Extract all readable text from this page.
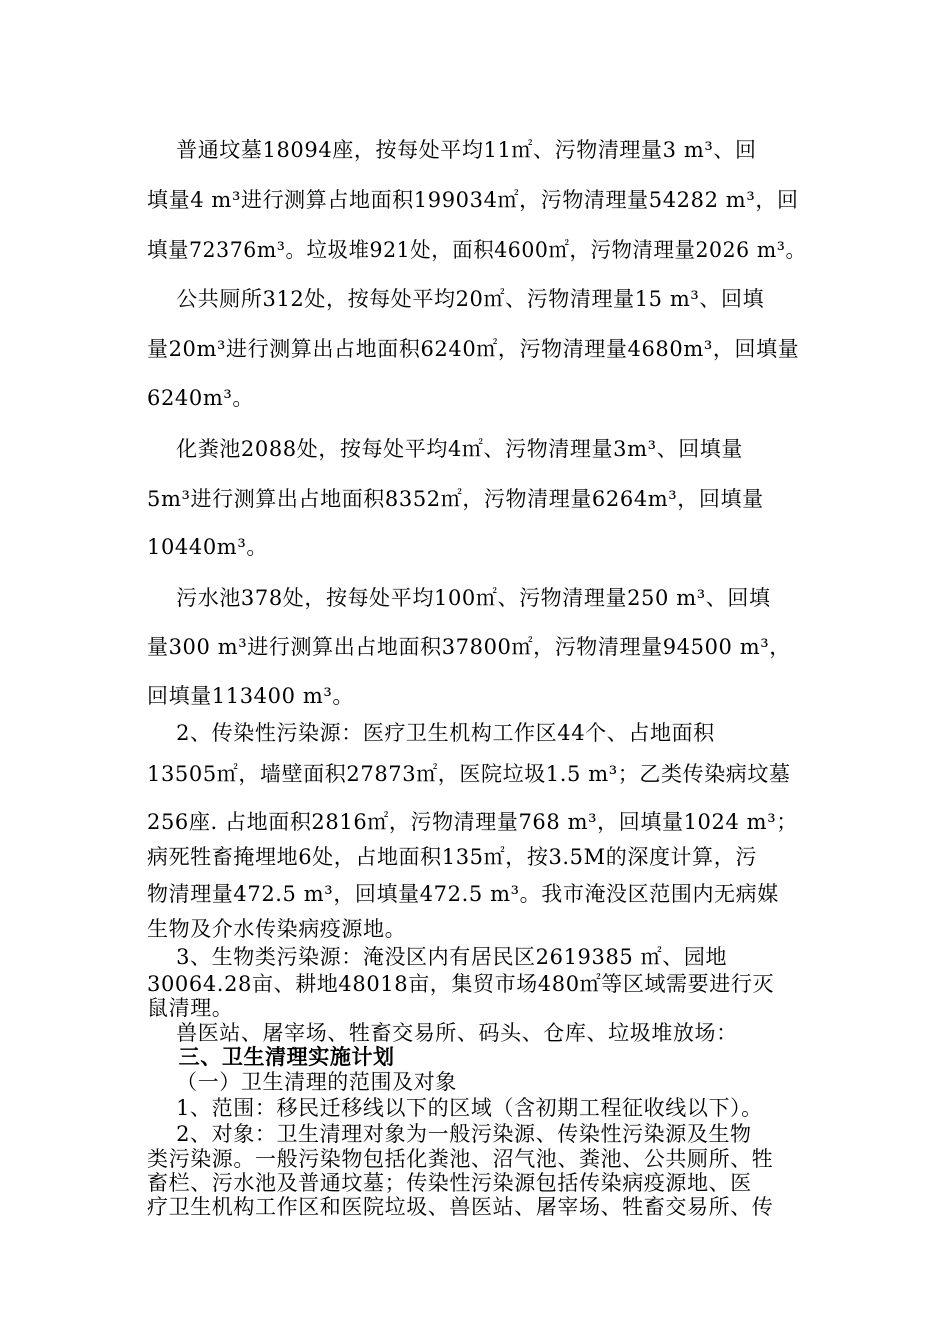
普通坟墓18094座，按每处平均11㎡、污物清理量3 m³、回
填量4 m³进行测算占地面积199034㎡，污物清理量54282 m³，回
填量72376m³。垃圾堆921处，面积4600㎡，污物清理量2026 m³。
公共厕所312处，按每处平均20㎡、污物清理量15 m³、回填
量20m³进行测算出占地面积6240㎡，污物清理量4680m³，回填量
6240m³。
化粪池2088处，按每处平均4㎡、污物清理量3m³、回填量
5m³进行测算出占地面积8352㎡，污物清理量6264m³，回填量
10440m³。
污水池378处，按每处平均100㎡、污物清理量250 m³、回填
量300 m³进行测算出占地面积37800㎡，污物清理量94500 m³，
回填量113400 m³。
2、传染性污染源：医疗卫生机构工作区44个、占地面积
13505㎡，墙壁面积27873㎡，医院垃圾1.5 m³；乙类传染病坟墓
256座. 占地面积2816㎡，污物清理量768 m³，回填量1024 m³；
病死牲畜掩埋地6处，占地面积135㎡，按3.5M的深度计算，污
物清理量472.5 m³，回填量472.5 m³。我市淹没区范围内无病媒
生物及介水传染病疫源地。
3、生物类污染源：淹没区内有居民区2619385 ㎡、园地
30064.28亩、耕地48018亩，集贸市场480㎡等区域需要进行灭
鼠清理。
兽医站、屠宰场、牲畜交易所、码头、仓库、垃圾堆放场：
三、卫生清理实施计划
（一）卫生清理的范围及对象
1、范围：移民迁移线以下的区域（含初期工程征收线以下）。
2、对象：卫生清理对象为一般污染源、传染性污染源及生物
类污染源。一般污染物包括化粪池、沼气池、粪池、公共厕所、牲
畜栏、污水池及普通坟墓；传染性污染源包括传染病疫源地、医
疗卫生机构工作区和医院垃圾、兽医站、屠宰场、牲畜交易所、传
